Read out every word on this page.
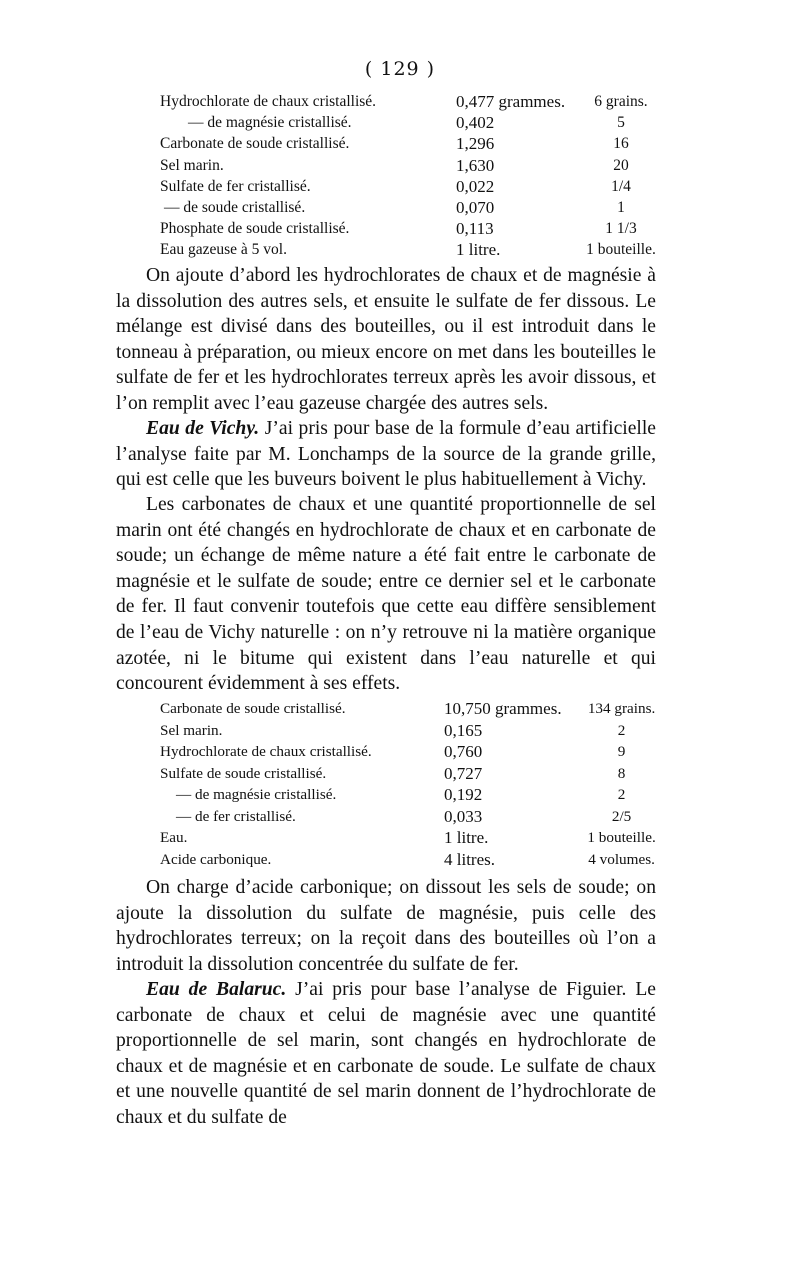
( 129 )
Hydrochlorate de chaux cristallisé.	0,477 grammes.	6 grains.
— de magnésie cristallisé.	0,402	5
Carbonate de soude cristallisé.	1,296	16
Sel marin.	1,630	20
Sulfate de fer cristallisé.	0,022	1/4
— de soude cristallisé.	0,070	1
Phosphate de soude cristallisé.	0,113	1 1/3
Eau gazeuse à 5 vol.	1 litre.	1 bouteille.

On ajoute d’abord les hydrochlorates de chaux et de magnésie à la dissolution des autres sels, et ensuite le sulfate de fer dissous. Le mélange est divisé dans des bouteilles, ou il est introduit dans le tonneau à préparation, ou mieux encore on met dans les bouteilles le sulfate de fer et les hydrochlorates terreux après les avoir dissous, et l’on remplit avec l’eau gazeuse chargée des autres sels.

Eau de Vichy. J’ai pris pour base de la formule d’eau artificielle l’analyse faite par M. Lonchamps de la source de la grande grille, qui est celle que les buveurs boivent le plus habituellement à Vichy.

Les carbonates de chaux et une quantité proportionnelle de sel marin ont été changés en hydrochlorate de chaux et en carbonate de soude; un échange de même nature a été fait entre le carbonate de magnésie et le sulfate de soude; entre ce dernier sel et le carbonate de fer. Il faut convenir toutefois que cette eau diffère sensiblement de l’eau de Vichy naturelle : on n’y retrouve ni la matière organique azotée, ni le bitume qui existent dans l’eau naturelle et qui concourent évidemment à ses effets.

Carbonate de soude cristallisé.	10,750 grammes.	134 grains.
Sel marin.	0,165	2
Hydrochlorate de chaux cristallisé.	0,760	9
Sulfate de soude cristallisé.	0,727	8
— de magnésie cristallisé.	0,192	2
— de fer cristallisé.	0,033	2/5
Eau.	1 litre.	1 bouteille.
Acide carbonique.	4 litres.	4 volumes.

On charge d’acide carbonique; on dissout les sels de soude; on ajoute la dissolution du sulfate de magnésie, puis celle des hydrochlorates terreux; on la reçoit dans des bouteilles où l’on a introduit la dissolution concentrée du sulfate de fer.

Eau de Balaruc. J’ai pris pour base l’analyse de Figuier. Le carbonate de chaux et celui de magnésie avec une quantité proportionnelle de sel marin, sont changés en hydrochlorate de chaux et de magnésie et en carbonate de soude. Le sulfate de chaux et une nouvelle quantité de sel marin donnent de l’hydrochlorate de chaux et du sulfate de
